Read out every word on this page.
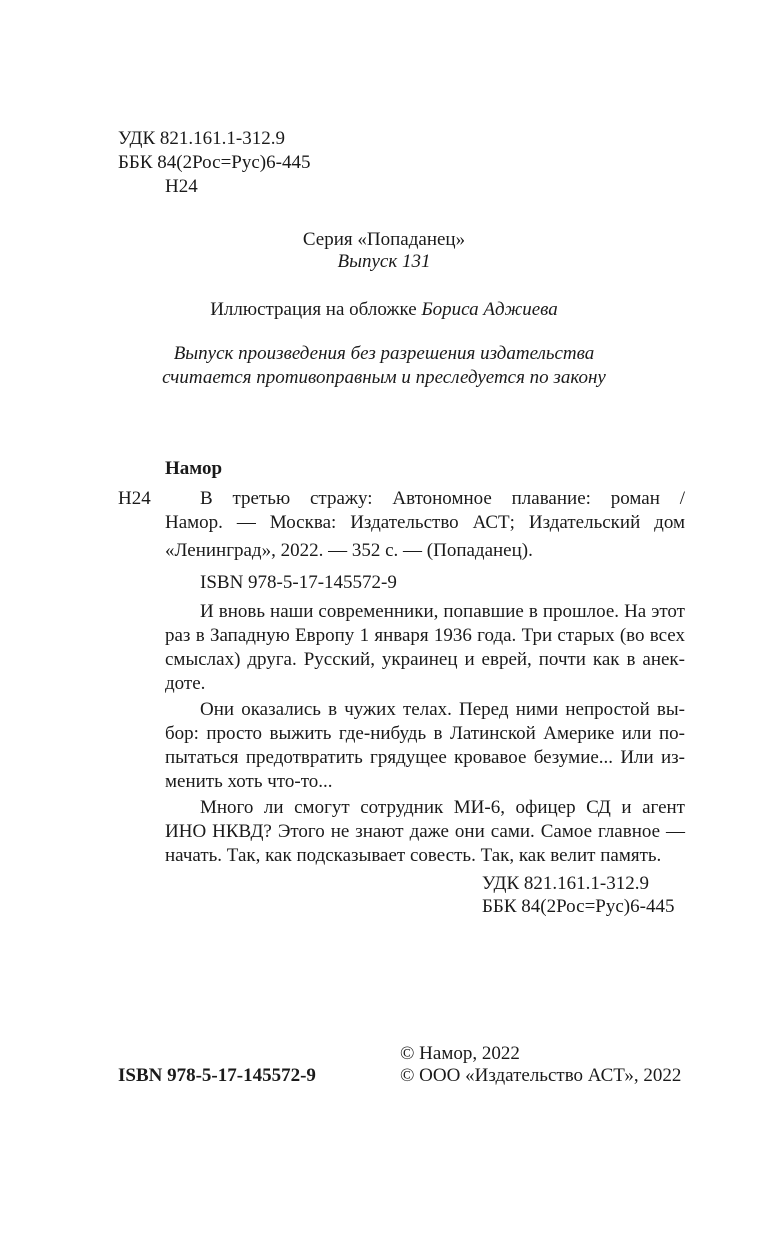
УДК 821.161.1-312.9
ББК 84(2Рос=Рус)6-445
Н24
Серия «Попаданец»
Выпуск 131
Иллюстрация на обложке Бориса Аджиева
Выпуск произведения без разрешения издательства
считается противоправным и преследуется по закону
Намор
Н24	В третью стражу: Автономное плавание: роман /
Намор. — Москва: Издательство АСТ; Издательский дом
«Ленинград», 2022. — 352 с. — (Попаданец).
ISBN 978-5-17-145572-9
И вновь наши современники, попавшие в прошлое. На этот
раз в Западную Европу 1 января 1936 года. Три старых (во всех
смыслах) друга. Русский, украинец и еврей, почти как в анек-
доте.
Они оказались в чужих телах. Перед ними непростой вы-
бор: просто выжить где-нибудь в Латинской Америке или по-
пытаться предотвратить грядущее кровавое безумие... Или из-
менить хоть что-то...
Много ли смогут сотрудник МИ-6, офицер СД и агент
ИНО НКВД? Этого не знают даже они сами. Самое главное —
начать. Так, как подсказывает совесть. Так, как велит память.
УДК 821.161.1-312.9
ББК 84(2Рос=Рус)6-445
© Намор, 2022
ISBN 978-5-17-145572-9	© ООО «Издательство АСТ», 2022
